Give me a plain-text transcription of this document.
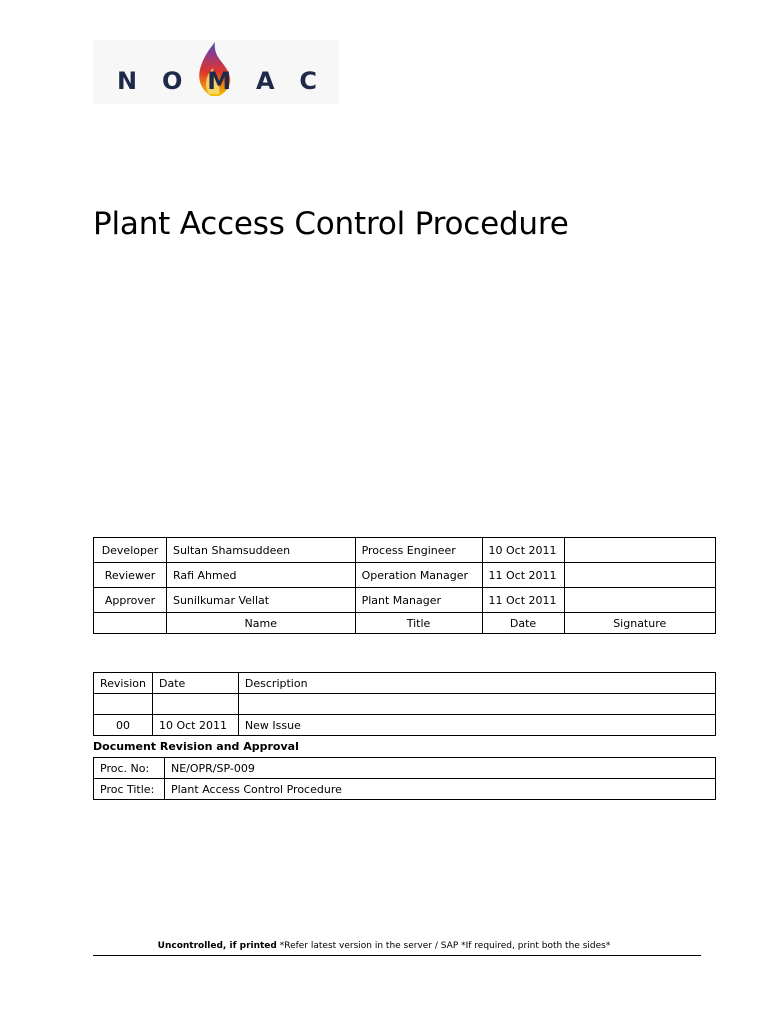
NOMAC
Plant Access Control Procedure
Developer	Sultan Shamsuddeen	Process Engineer	10 Oct 2011	
Reviewer	Rafi Ahmed	Operation Manager	11 Oct 2011	
Approver	Sunilkumar Vellat	Plant Manager	11 Oct 2011	
	Name	Title	Date	Signature
Revision	Date	Description

00	10 Oct 2011	New Issue
Document Revision and Approval
Proc. No:	NE/OPR/SP-009
Proc Title:	Plant Access Control Procedure
Uncontrolled, if printed *Refer latest version in the server / SAP *If required, print both the sides*
